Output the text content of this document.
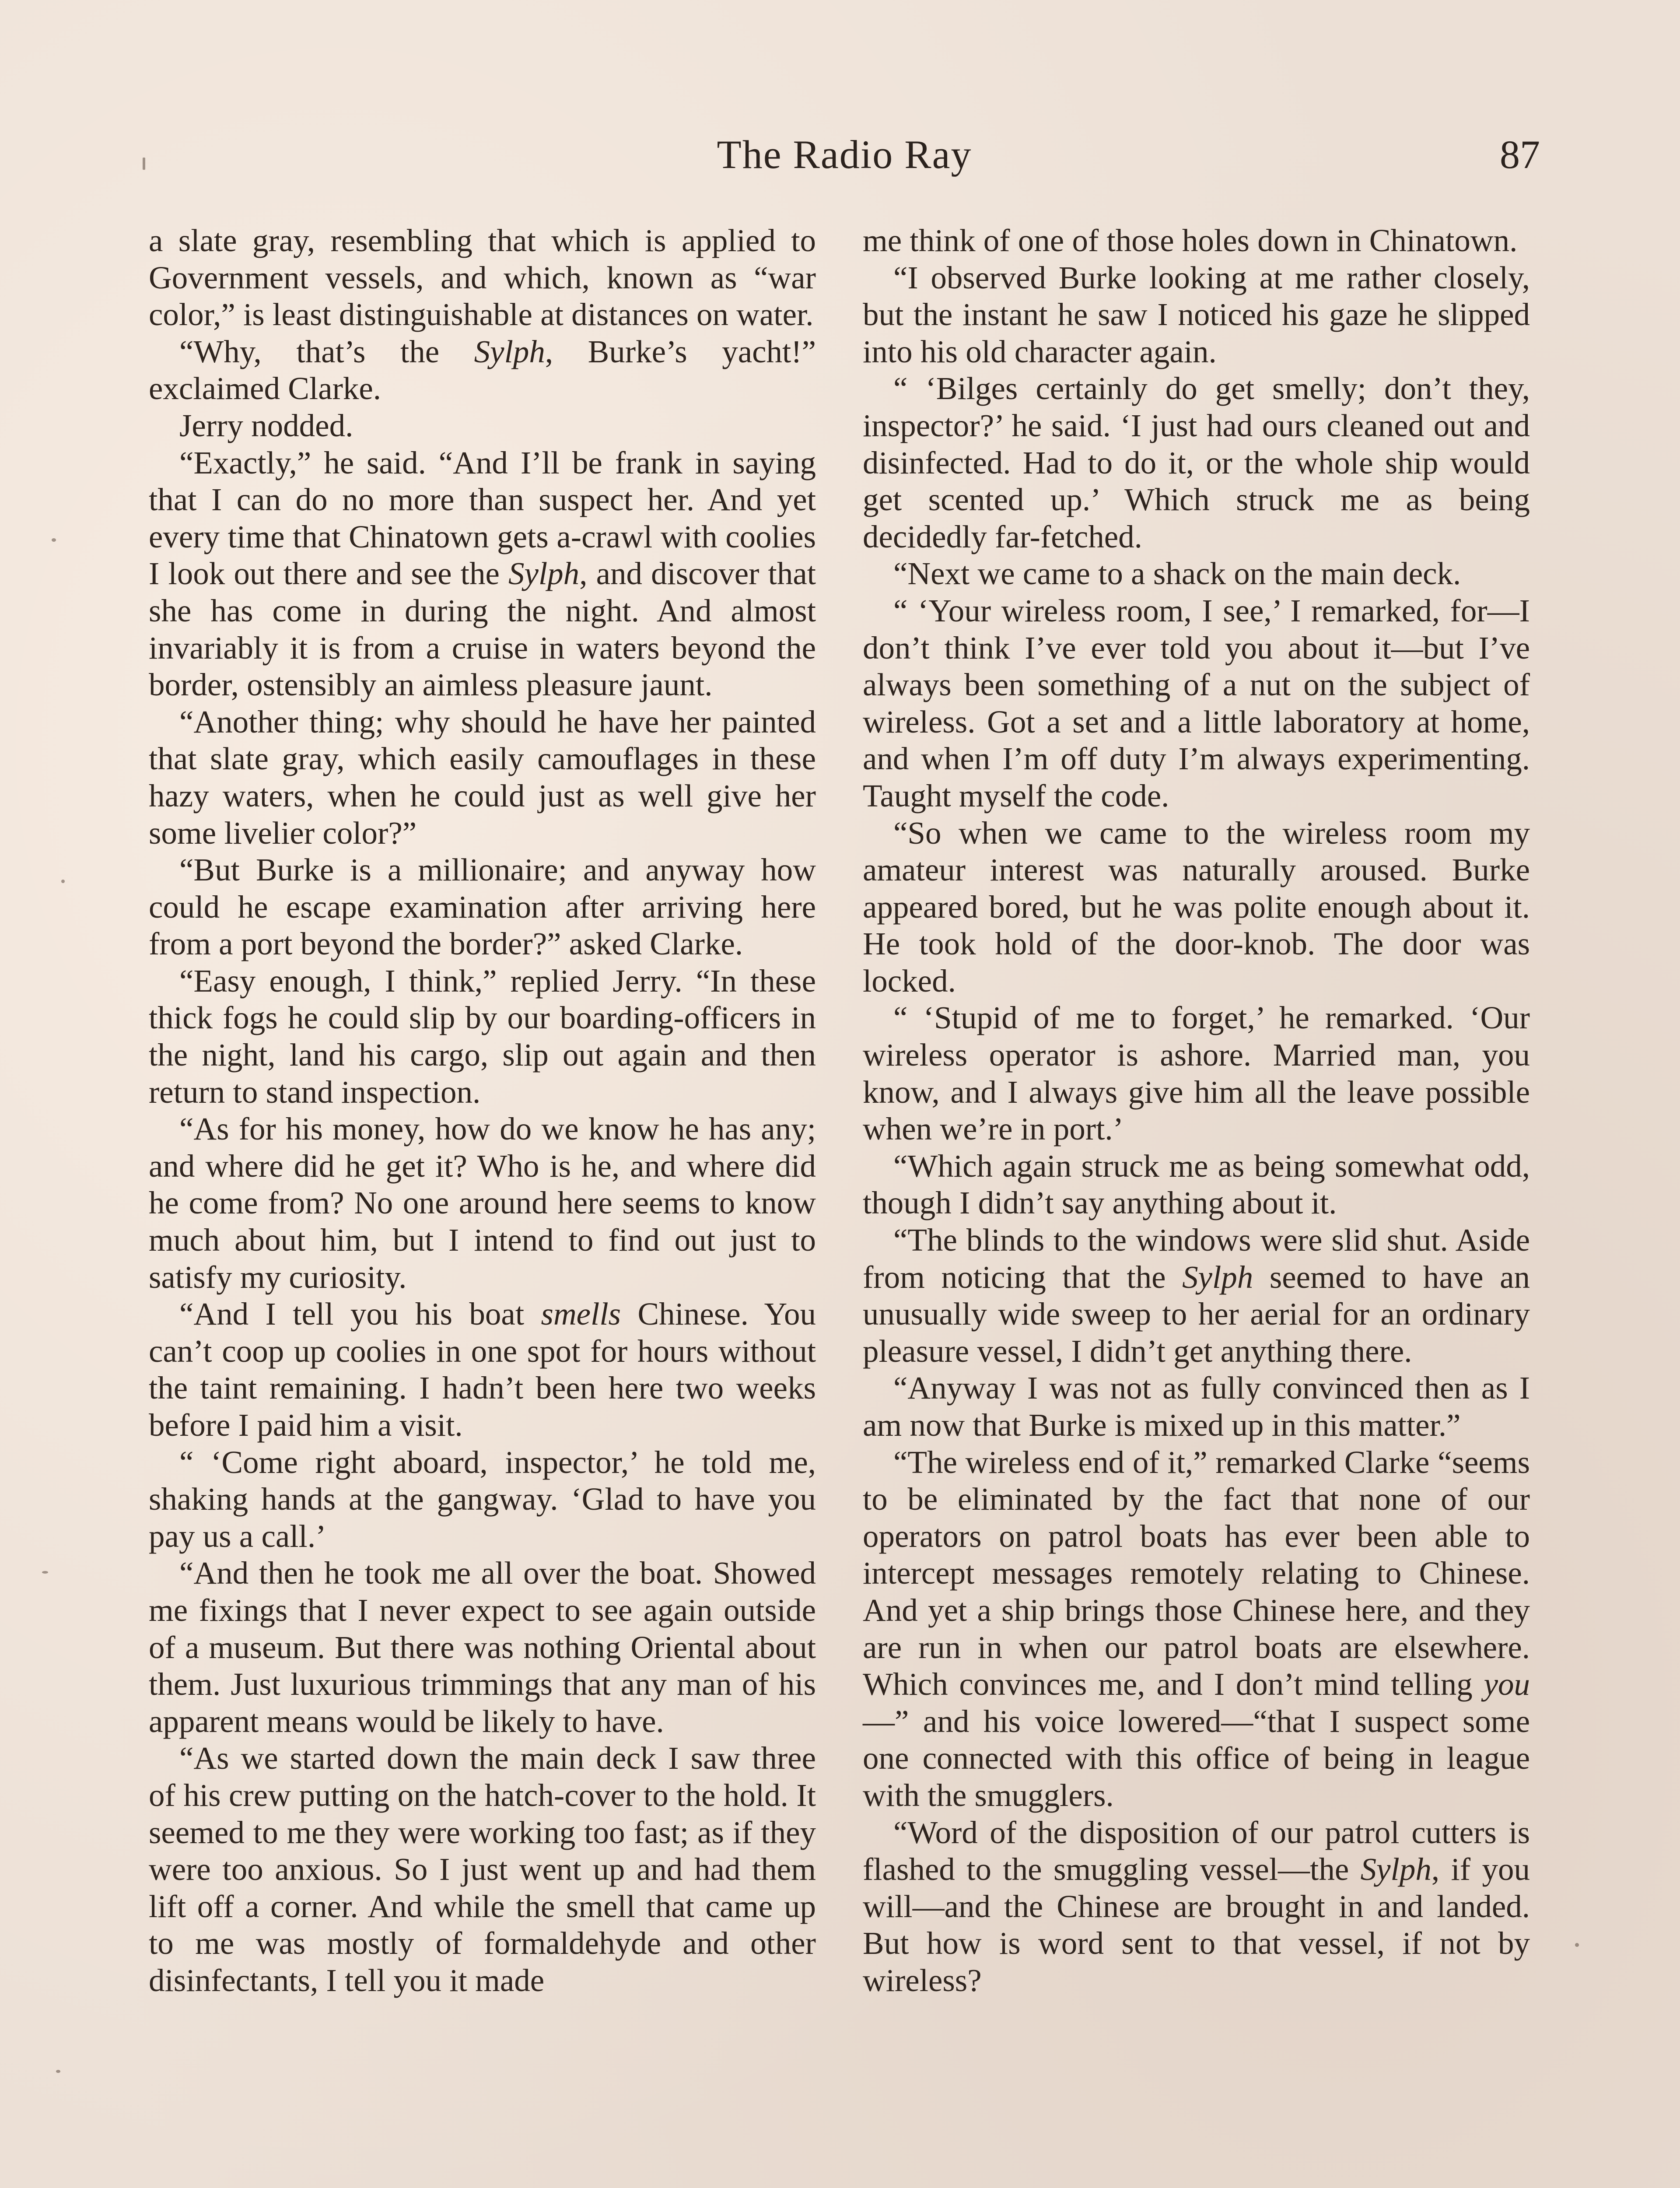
The Radio Ray	87

a slate gray, resembling that which is applied to Government vessels, and which, known as “war color,” is least distinguishable at distances on water.

“Why, that’s the Sylph, Burke’s yacht!” exclaimed Clarke.

Jerry nodded.

“Exactly,” he said. “And I’ll be frank in saying that I can do no more than suspect her. And yet every time that Chinatown gets a-crawl with coolies I look out there and see the Sylph, and discover that she has come in during the night. And almost invariably it is from a cruise in waters beyond the border, ostensibly an aimless pleasure jaunt.

“Another thing; why should he have her painted that slate gray, which easily camouflages in these hazy waters, when he could just as well give her some livelier color?”

“But Burke is a millionaire; and anyway how could he escape examination after arriving here from a port beyond the border?” asked Clarke.

“Easy enough, I think,” replied Jerry. “In these thick fogs he could slip by our boarding-officers in the night, land his cargo, slip out again and then return to stand inspection.

“As for his money, how do we know he has any; and where did he get it? Who is he, and where did he come from? No one around here seems to know much about him, but I intend to find out just to satisfy my curiosity.

“And I tell you his boat smells Chinese. You can’t coop up coolies in one spot for hours without the taint remaining. I hadn’t been here two weeks before I paid him a visit.

“ ‘Come right aboard, inspector,’ he told me, shaking hands at the gangway. ‘Glad to have you pay us a call.’

“And then he took me all over the boat. Showed me fixings that I never expect to see again outside of a museum. But there was nothing Oriental about them. Just luxurious trimmings that any man of his apparent means would be likely to have.

“As we started down the main deck I saw three of his crew putting on the hatch-cover to the hold. It seemed to me they were working too fast; as if they were too anxious. So I just went up and had them lift off a corner. And while the smell that came up to me was mostly of formaldehyde and other disinfectants, I tell you it made

me think of one of those holes down in Chinatown.

“I observed Burke looking at me rather closely, but the instant he saw I noticed his gaze he slipped into his old character again.

“ ‘Bilges certainly do get smelly; don’t they, inspector?’ he said. ‘I just had ours cleaned out and disinfected. Had to do it, or the whole ship would get scented up.’ Which struck me as being decidedly far-fetched.

“Next we came to a shack on the main deck.

“ ‘Your wireless room, I see,’ I remarked, for—I don’t think I’ve ever told you about it—but I’ve always been something of a nut on the subject of wireless. Got a set and a little laboratory at home, and when I’m off duty I’m always experimenting. Taught myself the code.

“So when we came to the wireless room my amateur interest was naturally aroused. Burke appeared bored, but he was polite enough about it. He took hold of the door-knob. The door was locked.

“ ‘Stupid of me to forget,’ he remarked. ‘Our wireless operator is ashore. Married man, you know, and I always give him all the leave possible when we’re in port.’

“Which again struck me as being somewhat odd, though I didn’t say anything about it.

“The blinds to the windows were slid shut. Aside from noticing that the Sylph seemed to have an unusually wide sweep to her aerial for an ordinary pleasure vessel, I didn’t get anything there.

“Anyway I was not as fully convinced then as I am now that Burke is mixed up in this matter.”

“The wireless end of it,” remarked Clarke “seems to be eliminated by the fact that none of our operators on patrol boats has ever been able to intercept messages remotely relating to Chinese. And yet a ship brings those Chinese here, and they are run in when our patrol boats are elsewhere. Which convinces me, and I don’t mind telling you—” and his voice lowered—“that I suspect some one connected with this office of being in league with the smugglers.

“Word of the disposition of our patrol cutters is flashed to the smuggling vessel—the Sylph, if you will—and the Chinese are brought in and landed. But how is word sent to that vessel, if not by wireless?
